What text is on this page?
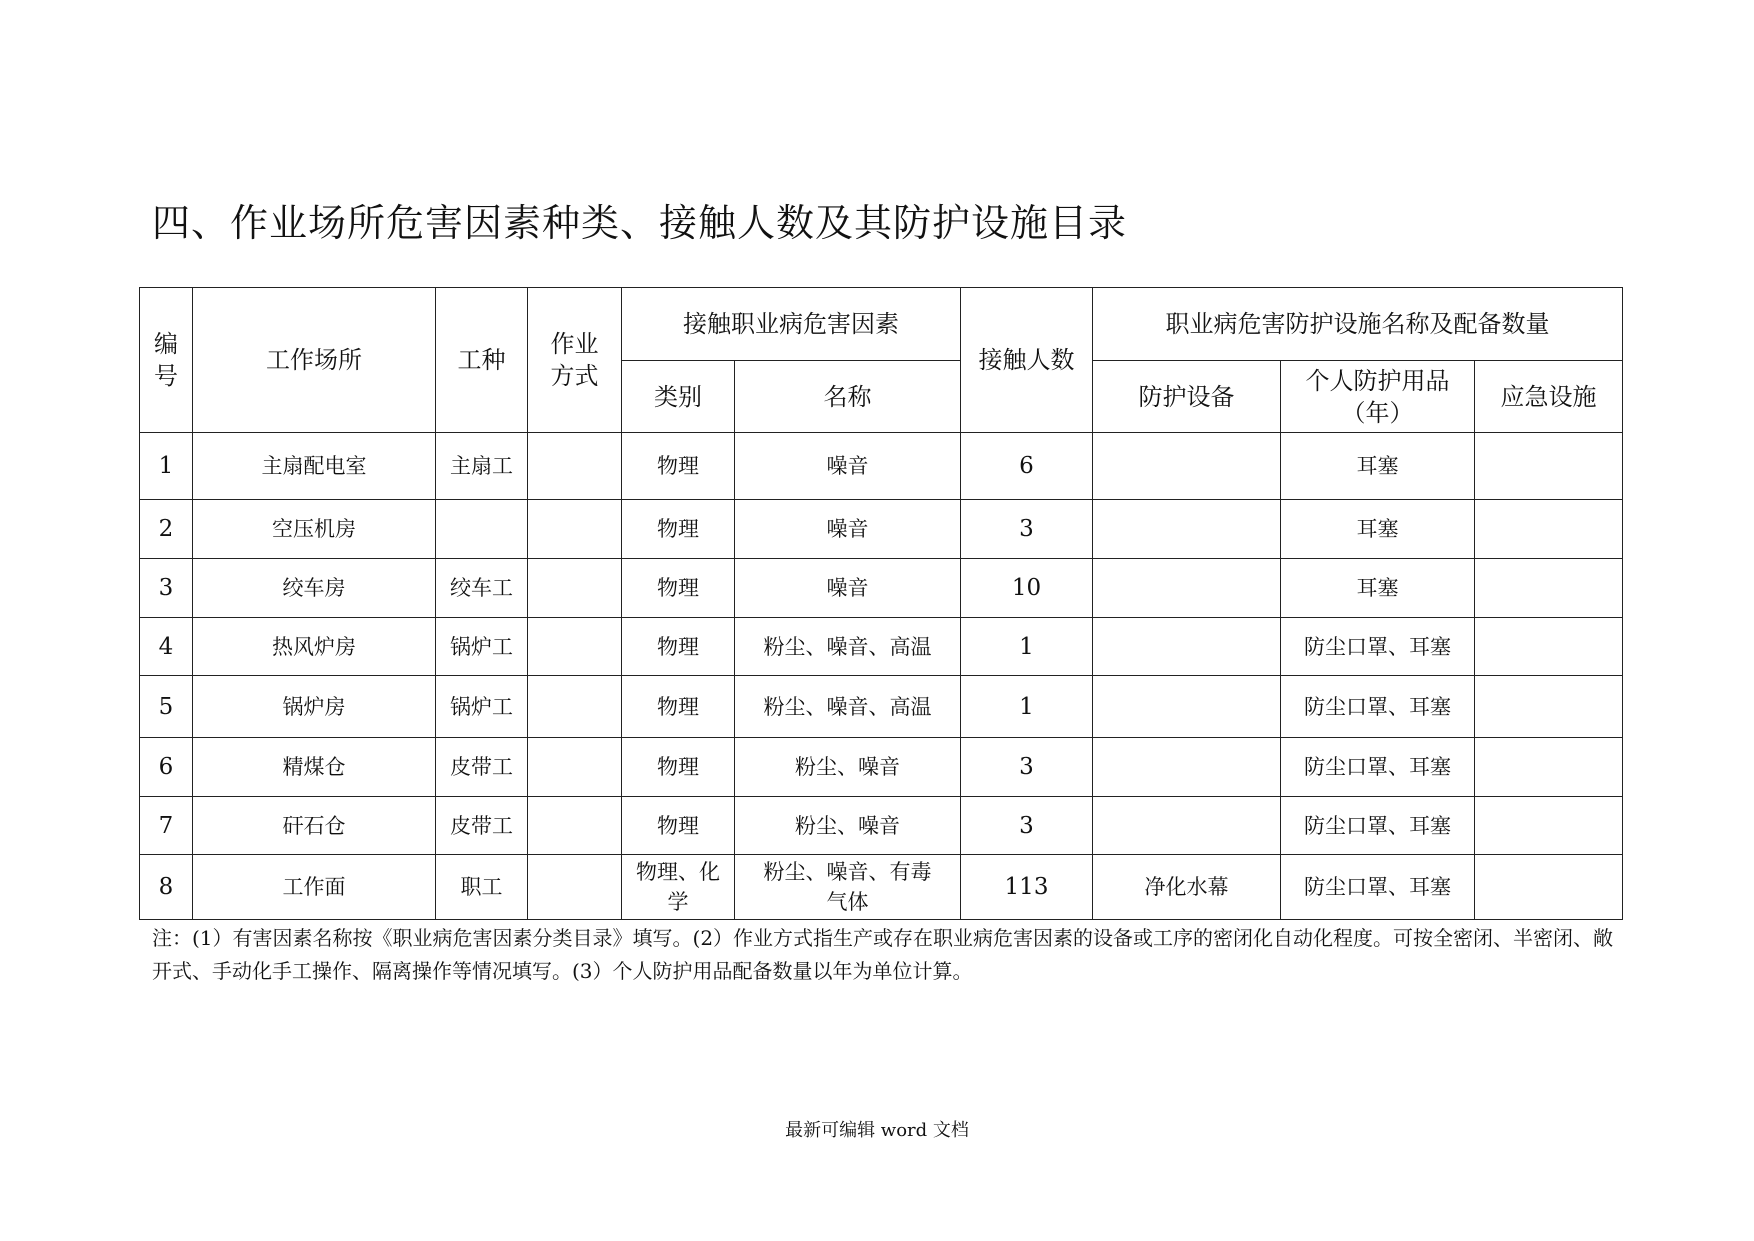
四、作业场所危害因素种类、接触人数及其防护设施目录
编号	工作场所	工种	作业方式	接触职业病危害因素		接触人数	职业病危害防护设施名称及配备数量		
				类别	名称		防护设备	个人防护用品（年）	应急设施
1	主扇配电室	主扇工		物理	噪音	6		耳塞	
2	空压机房			物理	噪音	3		耳塞	
3	绞车房	绞车工		物理	噪音	10		耳塞	
4	热风炉房	锅炉工		物理	粉尘、噪音、高温	1		防尘口罩、耳塞	
5	锅炉房	锅炉工		物理	粉尘、噪音、高温	1		防尘口罩、耳塞	
6	精煤仓	皮带工		物理	粉尘、噪音	3		防尘口罩、耳塞	
7	矸石仓	皮带工		物理	粉尘、噪音	3		防尘口罩、耳塞	
8	工作面	职工		物理、化学	粉尘、噪音、有毒气体	113	净化水幕	防尘口罩、耳塞	
注：(1）有害因素名称按《职业病危害因素分类目录》填写。(2）作业方式指生产或存在职业病危害因素的设备或工序的密闭化自动化程度。可按全密闭、半密闭、敞开式、手动化手工操作、隔离操作等情况填写。(3）个人防护用品配备数量以年为单位计算。
最新可编辑 word 文档
